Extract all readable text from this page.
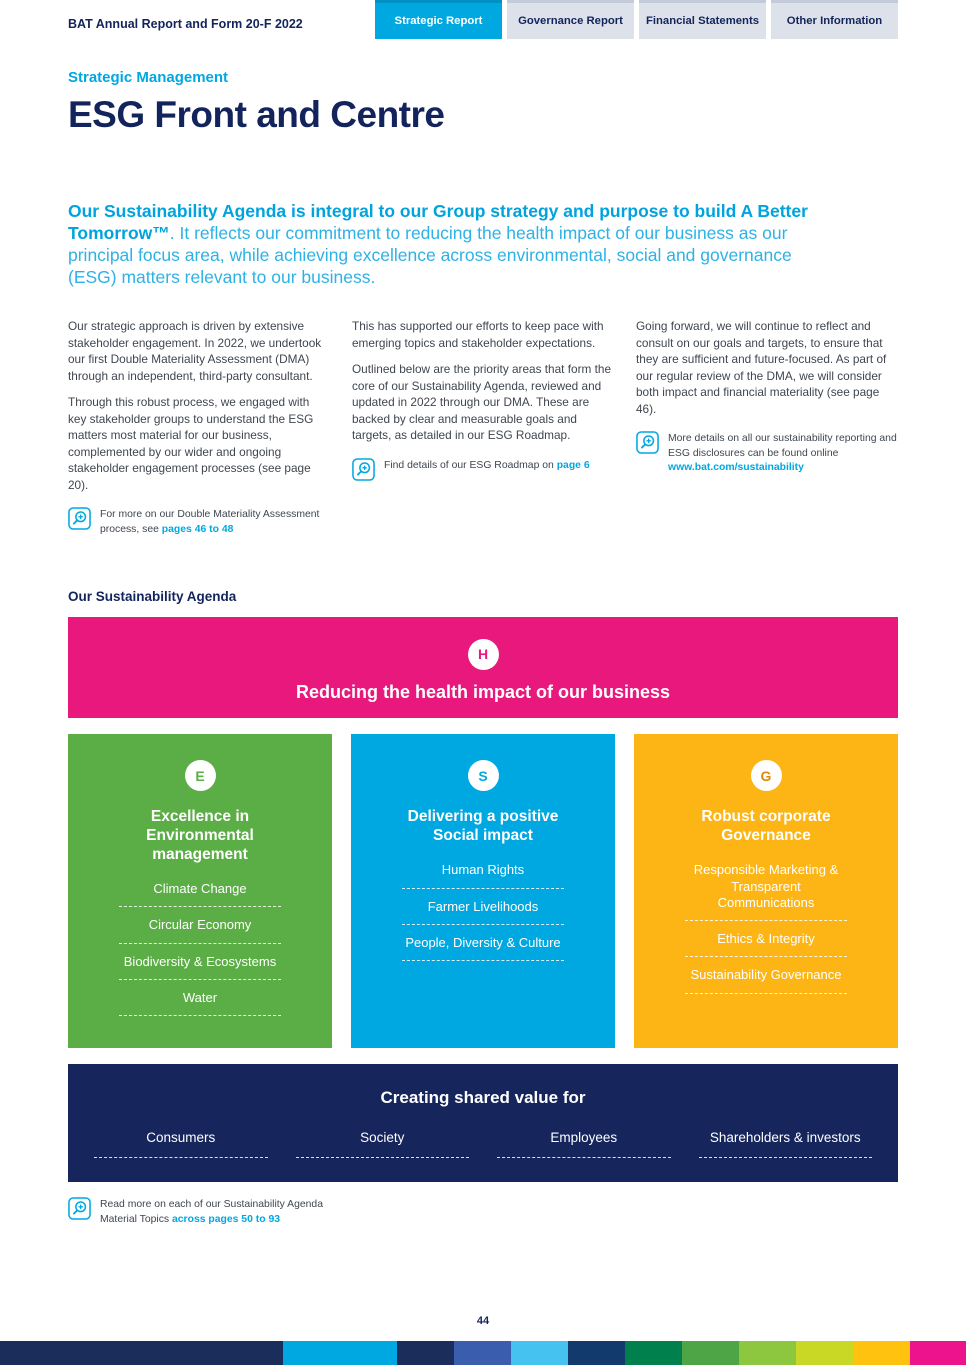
BAT Annual Report and Form 20-F 2022	Strategic Report	Governance Report	Financial Statements	Other Information
Strategic Management
ESG Front and Centre

Our Sustainability Agenda is integral to our Group strategy and purpose to build A Better Tomorrow™. It reflects our commitment to reducing the health impact of our business as our principal focus area, while achieving excellence across environmental, social and governance (ESG) matters relevant to our business.

Our strategic approach is driven by extensive stakeholder engagement. In 2022, we undertook our first Double Materiality Assessment (DMA) through an independent, third-party consultant.

Through this robust process, we engaged with key stakeholder groups to understand the ESG matters most material for our business, complemented by our wider and ongoing stakeholder engagement processes (see page 20).

For more on our Double Materiality Assessment process, see pages 46 to 48

This has supported our efforts to keep pace with emerging topics and stakeholder expectations.

Outlined below are the priority areas that form the core of our Sustainability Agenda, reviewed and updated in 2022 through our DMA. These are backed by clear and measurable goals and targets, as detailed in our ESG Roadmap.

Find details of our ESG Roadmap on page 6

Going forward, we will continue to reflect and consult on our goals and targets, to ensure that they are sufficient and future-focused. As part of our regular review of the DMA, we will consider both impact and financial materiality (see page 46).

More details on all our sustainability reporting and ESG disclosures can be found online
www.bat.com/sustainability
Our Sustainability Agenda
H
Reducing the health impact of our business
E
Excellence in Environmental management
Climate Change
Circular Economy
Biodiversity & Ecosystems
Water
S
Delivering a positive Social impact
Human Rights
Farmer Livelihoods
People, Diversity & Culture
G
Robust corporate Governance
Responsible Marketing & Transparent Communications
Ethics & Integrity
Sustainability Governance
Creating shared value for
Consumers	Society	Employees	Shareholders & investors
Read more on each of our Sustainability Agenda Material Topics across pages 50 to 93
44
